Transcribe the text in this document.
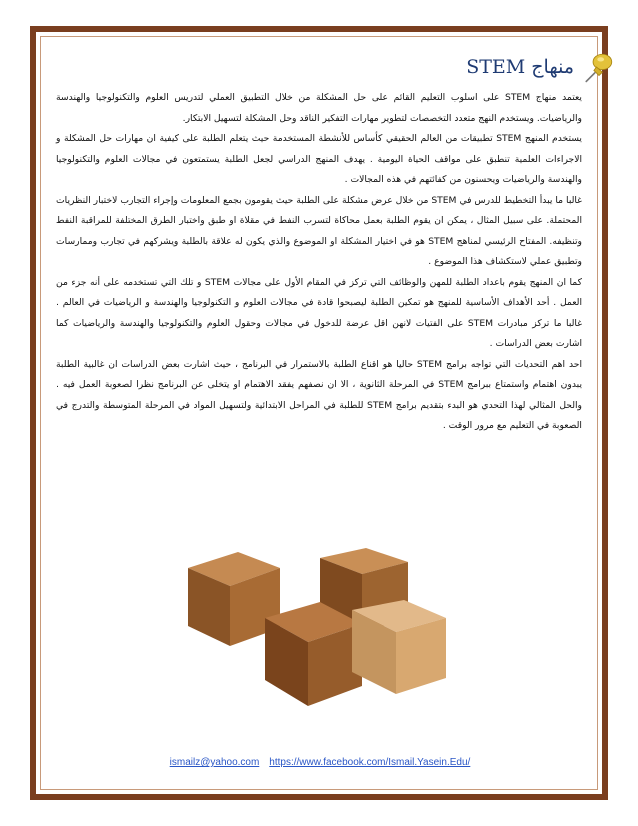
منهاج STEM

يعتمد منهاج STEM على اسلوب التعليم القائم على حل المشكلة من خلال التطبيق العملي لتدريس العلوم والتكنولوجيا والهندسة والرياضيات. ويستخدم النهج متعدد التخصصات لتطوير مهارات التفكير الناقد وحل المشكلة لتسهيل الابتكار.

يستخدم المنهج STEM تطبيقات من العالم الحقيقي كأساس للأنشطة المستخدمة حيث يتعلم الطلبة على كيفية ان مهارات حل المشكلة و الاجراءات العلمية تنطبق على مواقف الحياة اليومية . يهدف المنهج الدراسي لجعل الطلبة يستمتعون في مجالات العلوم والتكنولوجيا والهندسة والرياضيات ويحسنون من كفائتهم في هذه المجالات .

غالبا ما يبدأ التخطيط للدرس في STEM من خلال عرض مشكلة على الطلبة حيث يقومون بجمع المعلومات وإجراء التجارب لاختبار النظريات المحتملة. على سبيل المثال ، يمكن ان يقوم الطلبة بعمل محاكاة لتسرب النفط في مقلاة او طبق واختبار الطرق المختلفة للمراقبة النفط وتنظيفه. المفتاح الرئيسي لمناهج STEM هو في اختيار المشكلة او الموضوع والذي يكون له علاقة بالطلبة ويشركهم في تجارب وممارسات وتطبيق عملي لاستكشاف هذا الموضوع .

كما ان المنهج يقوم باعداد الطلبة للمهن والوظائف التي تركز في المقام الأول على مجالات STEM و تلك التي تستخدمه على أنه جزء من العمل . أحد الأهداف الأساسية للمنهج هو تمكين الطلبة ليصبحوا قادة في مجالات العلوم و التكنولوجيا والهندسة و الرياضيات في العالم . غالبا ما تركز مبادرات STEM على الفتيات لانهن اقل عرضة للدخول في مجالات وحقول العلوم والتكنولوجيا والهندسة والرياضيات كما اشارت بعض الدراسات .

احد اهم التحديات التي تواجه برامج STEM حاليا هو اقناع الطلبة بالاستمرار في البرنامج ، حيث اشارت بعض الدراسات ان غالبية الطلبة يبدون اهتمام واستمتاع ببرامج STEM في المرحلة الثانوية ، الا ان نصفهم يفقد الاهتمام او يتخلى عن البرنامج نظرا لصعوبة العمل فيه . والحل المثالي لهذا التحدي هو البدء بتقديم برامج STEM للطلبة في المراحل الابتدائية ولتسهيل المواد في المرحلة المتوسطة والتدرج في الصعوبة في التعليم مع مرور الوقت .

ismailz@yahoo.com https://www.facebook.com/Ismail.Yasein.Edu/
